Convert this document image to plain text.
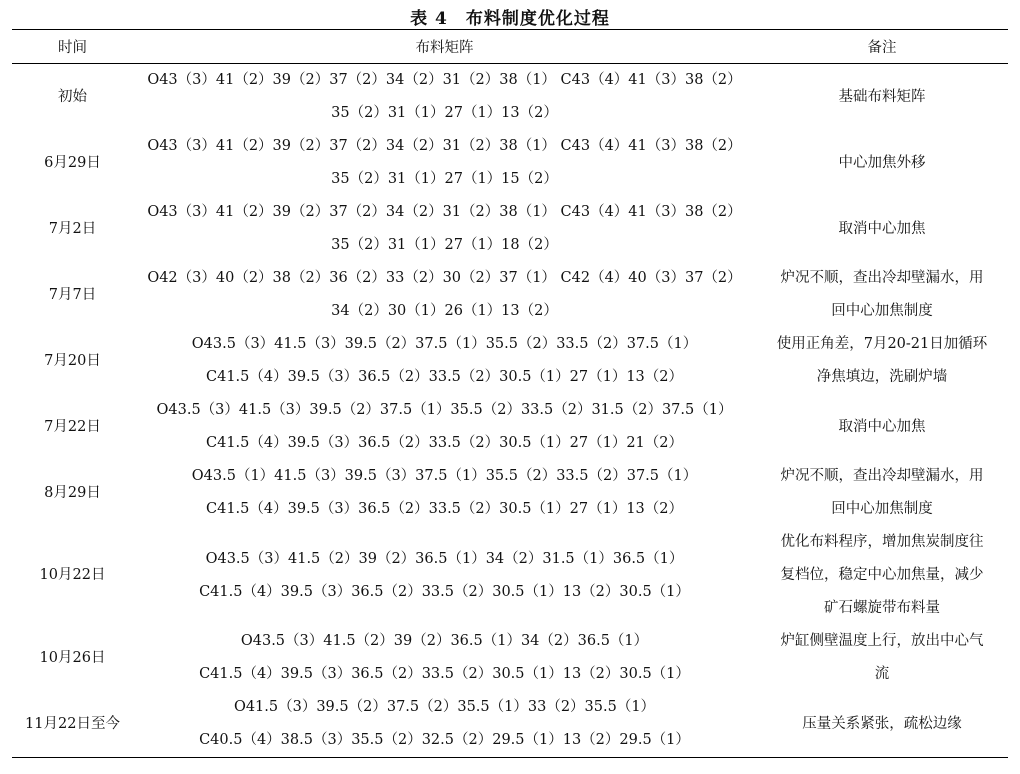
表 4 布料制度优化过程
时间	布料矩阵	备注
初始	O43（3）41（2）39（2）37（2）34（2）31（2）38（1） C43（4）41（3）38（2）
35（2）31（1）27（1）13（2）	基础布料矩阵

6月29日	O43（3）41（2）39（2）37（2）34（2）31（2）38（1） C43（4）41（3）38（2）
35（2）31（1）27（1）15（2）	中心加焦外移

7月2日	O43（3）41（2）39（2）37（2）34（2）31（2）38（1） C43（4）41（3）38（2）
35（2）31（1）27（1）18（2）	取消中心加焦

7月7日	O42（3）40（2）38（2）36（2）33（2）30（2）37（1） C42（4）40（3）37（2）
34（2）30（1）26（1）13（2）	炉况不顺，查出冷却壁漏水，用
回中心加焦制度

7月20日	O43.5（3）41.5（3）39.5（2）37.5（1）35.5（2）33.5（2）37.5（1）
C41.5（4）39.5（3）36.5（2）33.5（2）30.5（1）27（1）13（2）	使用正角差，7月20-21日加循环
净焦填边，洗刷炉墙

7月22日	O43.5（3）41.5（3）39.5（2）37.5（1）35.5（2）33.5（2）31.5（2）37.5（1）
C41.5（4）39.5（3）36.5（2）33.5（2）30.5（1）27（1）21（2）	取消中心加焦

8月29日	O43.5（1）41.5（3）39.5（3）37.5（1）35.5（2）33.5（2）37.5（1）
C41.5（4）39.5（3）36.5（2）33.5（2）30.5（1）27（1）13（2）	炉况不顺，查出冷却壁漏水，用
回中心加焦制度

10月22日	O43.5（3）41.5（2）39（2）36.5（1）34（2）31.5（1）36.5（1）
C41.5（4）39.5（3）36.5（2）33.5（2）30.5（1）13（2）30.5（1）	优化布料程序，增加焦炭制度往
复档位，稳定中心加焦量，减少
矿石螺旋带布料量

10月26日	O43.5（3）41.5（2）39（2）36.5（1）34（2）36.5（1）
C41.5（4）39.5（3）36.5（2）33.5（2）30.5（1）13（2）30.5（1）	炉缸侧壁温度上行，放出中心气
流

11月22日至今	O41.5（3）39.5（2）37.5（2）35.5（1）33（2）35.5（1）
C40.5（4）38.5（3）35.5（2）32.5（2）29.5（1）13（2）29.5（1）	压量关系紧张，疏松边缘
